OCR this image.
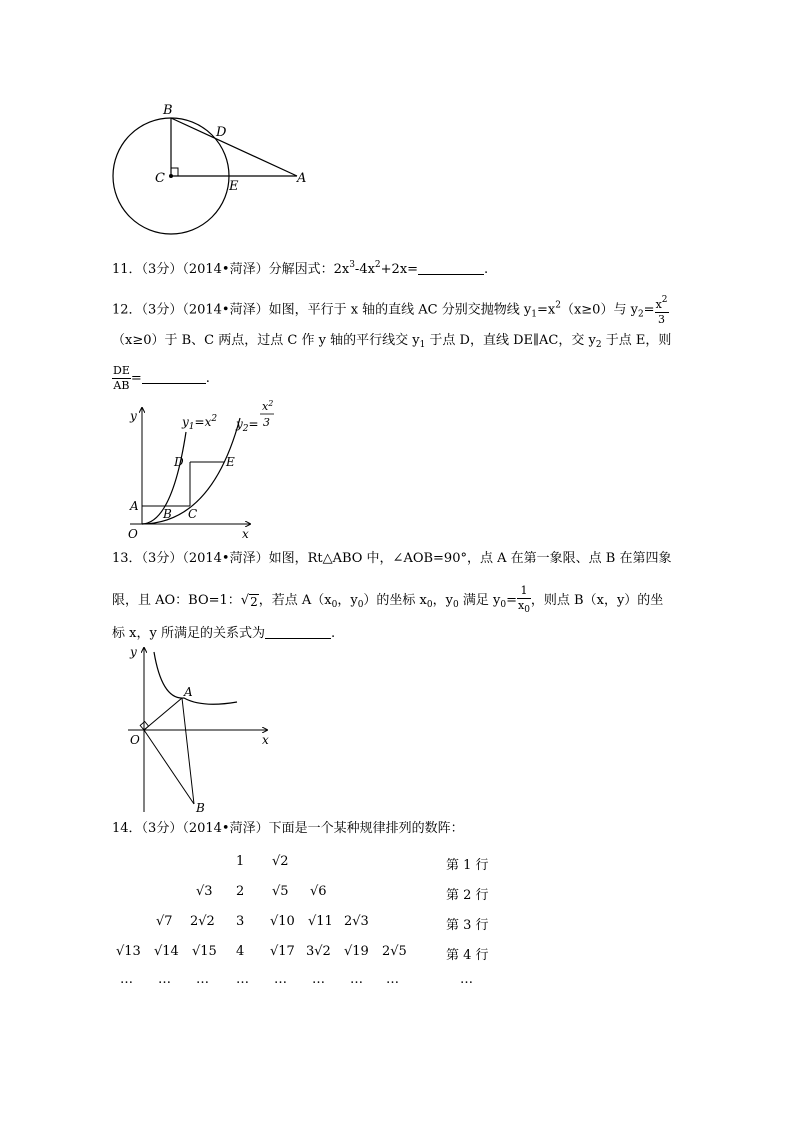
B
D
C
E
A
11．（3分）（2014•菏泽）分解因式：$2x^3-4x^2+2x=$	.
12．（3分）（2014•菏泽）如图，平行于 x 轴的直线 AC 分别交抛物线 $y_1=x^2(x\ge 0)$与 $y_2= \frac{x^2}{3}$
（x≥0）于 B、C 两点，过点 C 作 y 轴的平行线交 $y_1$ 于点 D，直线 DE∥AC，交 $y_2$ 于点 E，则
$\frac{DE}{AB}$ =	.
y
x
O
A
B C
D	E
$y_1=x^2$ $y_2=$
$x^2$
3
13．（3分）（2014•菏泽）如图，Rt△ABO 中，∠AOB=90°，点 A 在第一象限、点 B 在第四象
限，且 AO：BO=1： √ 2 ，若点 $A(x_0$，$y_0$）的坐标 $x_0$，$y_0$ 满足 $y_0= \frac{1}{x_0}$ ，则点 B（x，y）的坐
标 x，y 所满足的关系式为	.
y
x
O
A
B
14．（3分）（2014•菏泽）下面是一个某种规律排列的数阵：
1 √2	第 1 行
√3 2 √5 √6	第 2 行
√7 2√2 3 √10 √11 2√3	第 3 行
√13 √14 √15 4 √17 3√2 √19 2√5	第 4 行
… … … … … … … …	…
